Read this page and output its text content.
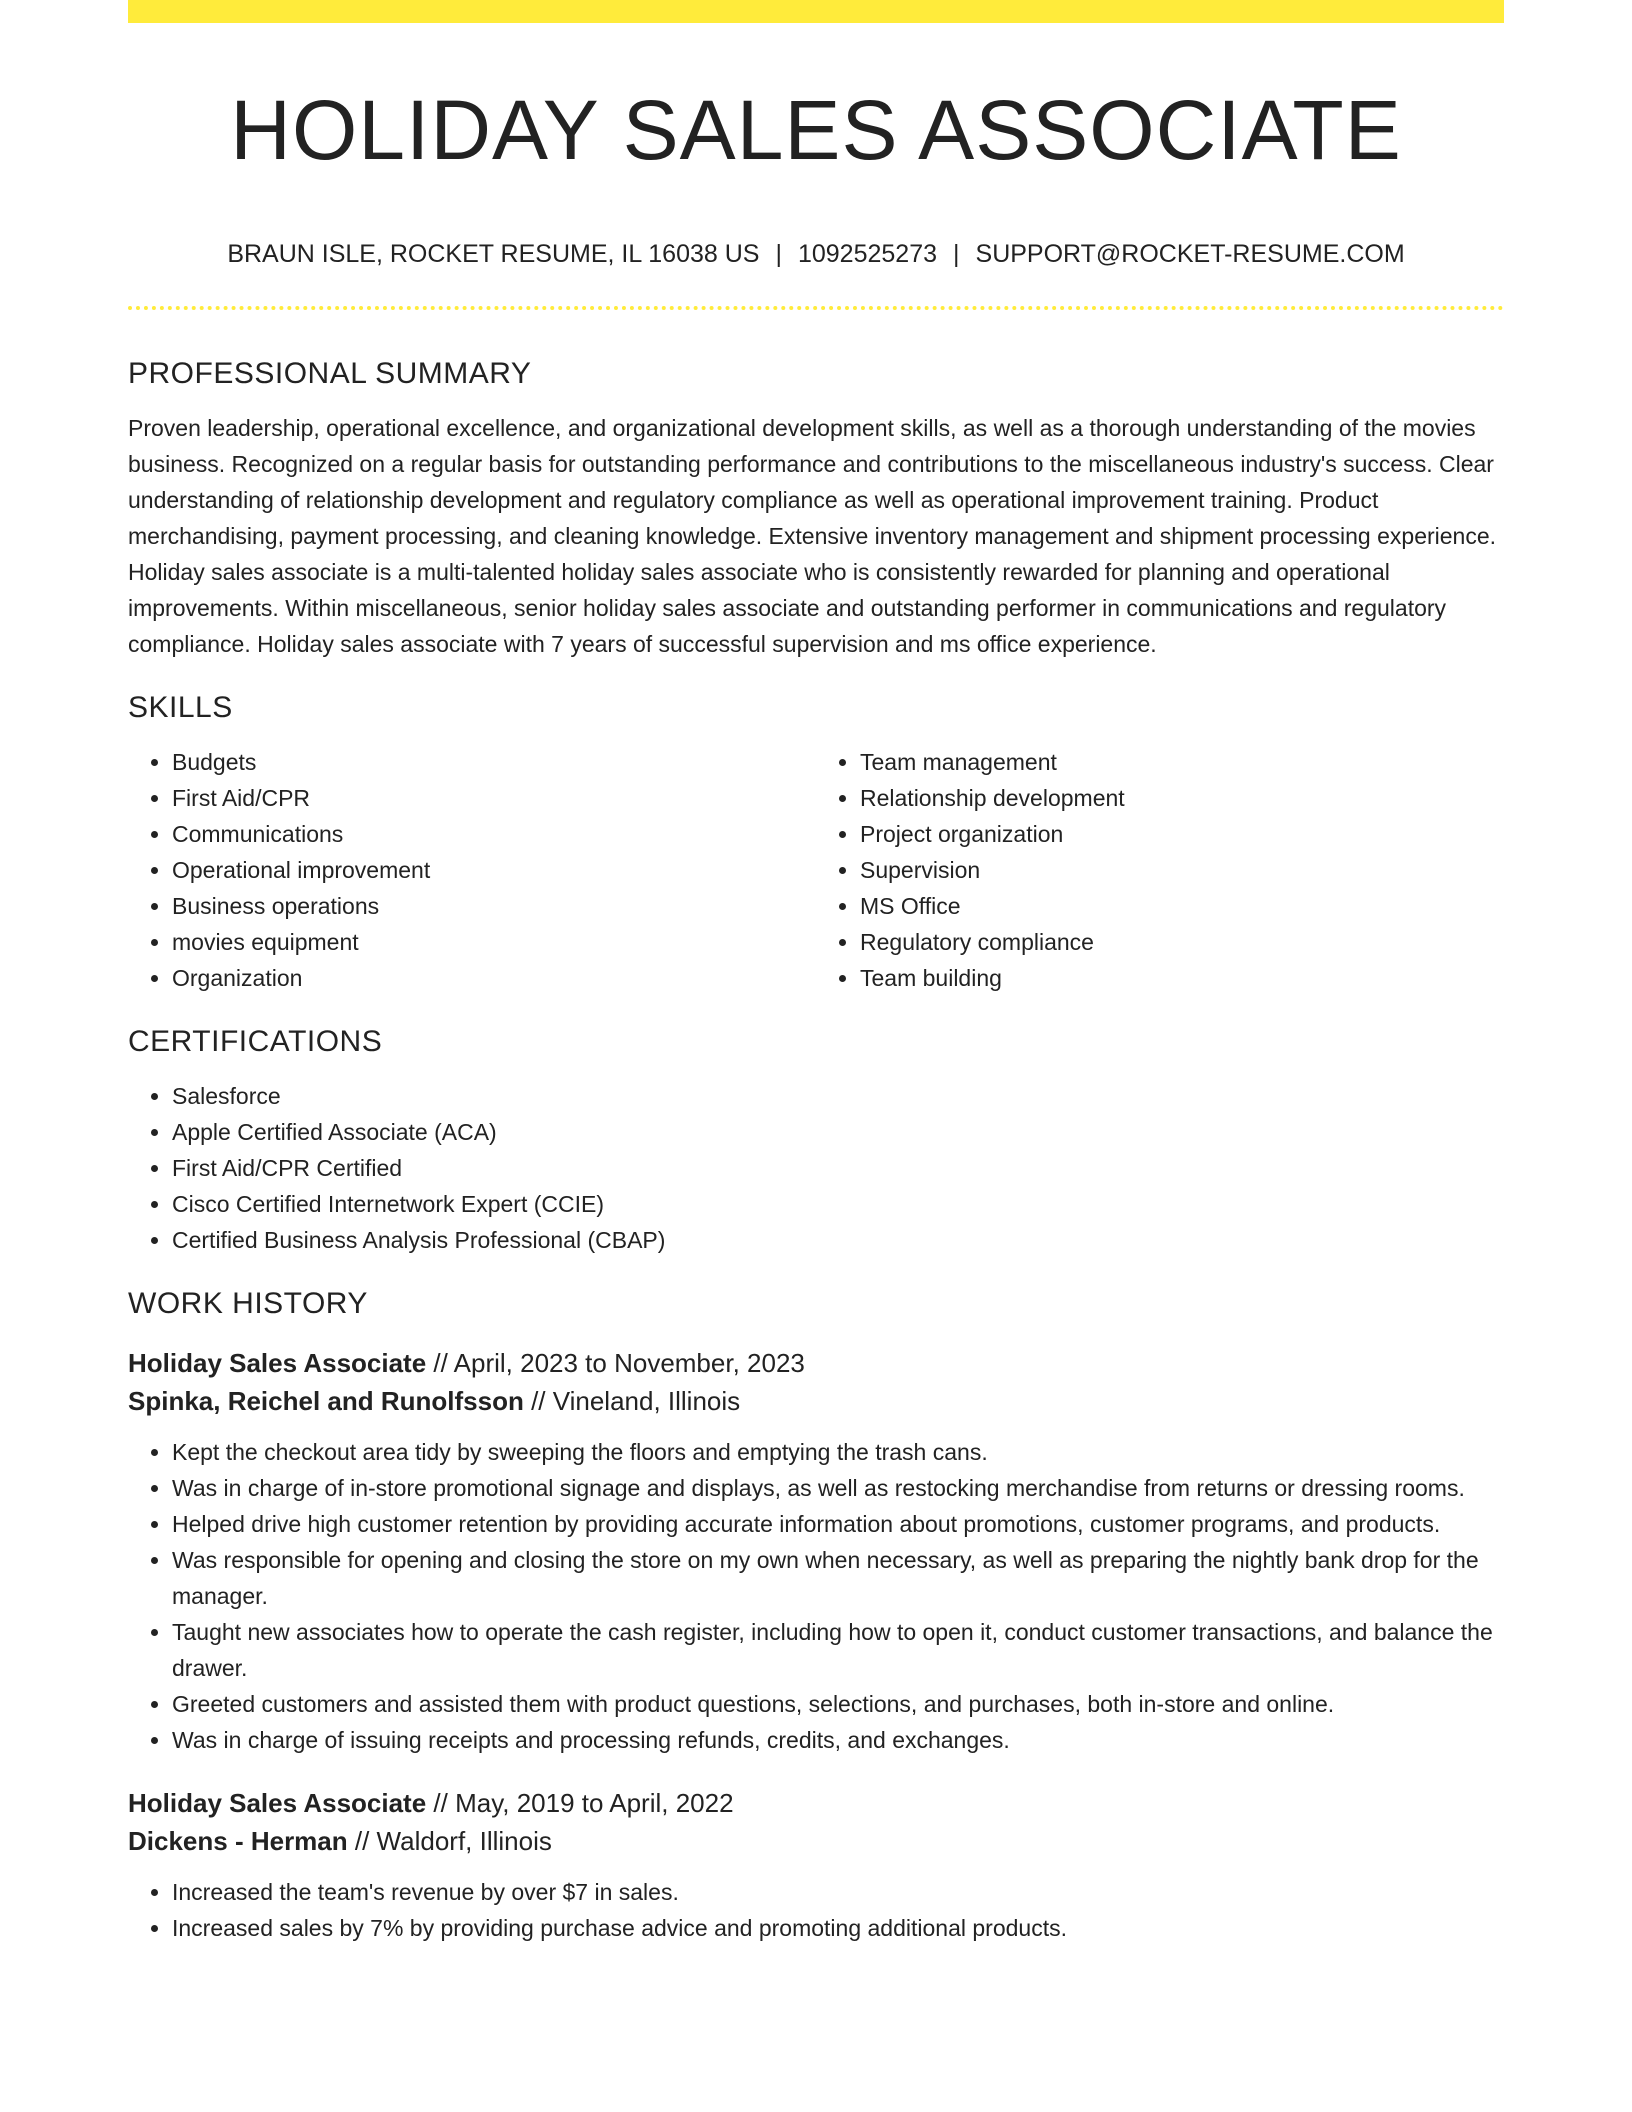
HOLIDAY SALES ASSOCIATE
BRAUN ISLE, ROCKET RESUME, IL 16038 US | 1092525273 | SUPPORT@ROCKET-RESUME.COM
PROFESSIONAL SUMMARY

Proven leadership, operational excellence, and organizational development skills, as well as a thorough understanding of the movies business. Recognized on a regular basis for outstanding performance and contributions to the miscellaneous industry's success. Clear understanding of relationship development and regulatory compliance as well as operational improvement training. Product merchandising, payment processing, and cleaning knowledge. Extensive inventory management and shipment processing experience. Holiday sales associate is a multi-talented holiday sales associate who is consistently rewarded for planning and operational improvements. Within miscellaneous, senior holiday sales associate and outstanding performer in communications and regulatory compliance. Holiday sales associate with 7 years of successful supervision and ms office experience.

SKILLS
• Budgets
• First Aid/CPR
• Communications
• Operational improvement
• Business operations
• movies equipment
• Organization
• Team management
• Relationship development
• Project organization
• Supervision
• MS Office
• Regulatory compliance
• Team building
CERTIFICATIONS
• Salesforce
• Apple Certified Associate (ACA)
• First Aid/CPR Certified
• Cisco Certified Internetwork Expert (CCIE)
• Certified Business Analysis Professional (CBAP)
WORK HISTORY
Holiday Sales Associate // April, 2023 to November, 2023
Spinka, Reichel and Runolfsson // Vineland, Illinois
• Kept the checkout area tidy by sweeping the floors and emptying the trash cans.
• Was in charge of in-store promotional signage and displays, as well as restocking merchandise from returns or dressing rooms.
• Helped drive high customer retention by providing accurate information about promotions, customer programs, and products.
• Was responsible for opening and closing the store on my own when necessary, as well as preparing the nightly bank drop for the manager.
• Taught new associates how to operate the cash register, including how to open it, conduct customer transactions, and balance the drawer.
• Greeted customers and assisted them with product questions, selections, and purchases, both in-store and online.
• Was in charge of issuing receipts and processing refunds, credits, and exchanges.
Holiday Sales Associate // May, 2019 to April, 2022
Dickens - Herman // Waldorf, Illinois
• Increased the team's revenue by over $7 in sales.
• Increased sales by 7% by providing purchase advice and promoting additional products.
